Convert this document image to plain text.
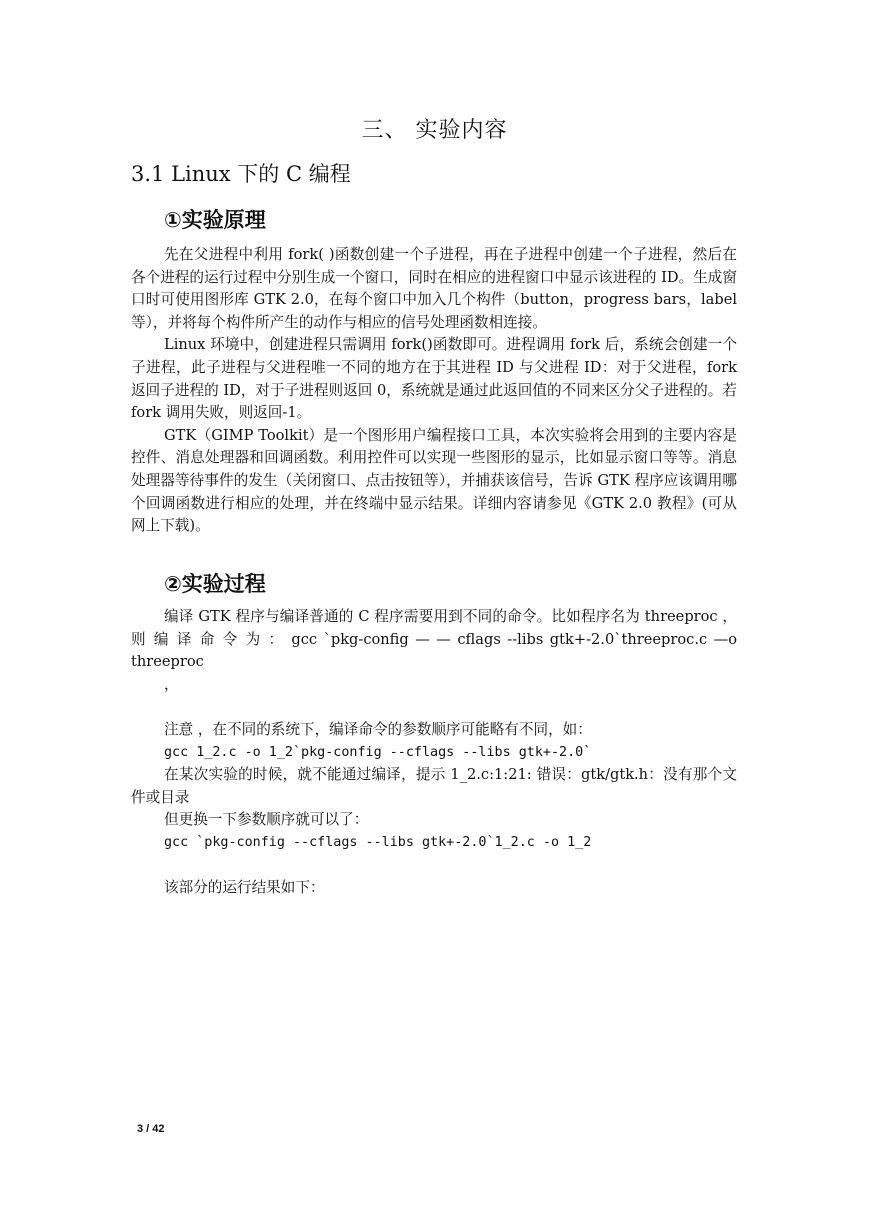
三、 实验内容
3.1 Linux 下的 C 编程
①实验原理

先在父进程中利用 fork( )函数创建一个子进程，再在子进程中创建一个子进程，然后在各个进程的运行过程中分别生成一个窗口，同时在相应的进程窗口中显示该进程的 ID。生成窗口时可使用图形库 GTK 2.0，在每个窗口中加入几个构件（button，progress bars，label 等），并将每个构件所产生的动作与相应的信号处理函数相连接。

Linux 环境中，创建进程只需调用 fork()函数即可。进程调用 fork 后，系统会创建一个子进程，此子进程与父进程唯一不同的地方在于其进程 ID 与父进程 ID：对于父进程，fork 返回子进程的 ID，对于子进程则返回 0，系统就是通过此返回值的不同来区分父子进程的。若 fork 调用失败，则返回-1。

GTK（GIMP Toolkit）是一个图形用户编程接口工具，本次实验将会用到的主要内容是控件、消息处理器和回调函数。利用控件可以实现一些图形的显示，比如显示窗口等等。消息处理器等待事件的发生（关闭窗口、点击按钮等），并捕获该信号，告诉 GTK 程序应该调用哪个回调函数进行相应的处理，并在终端中显示结果。详细内容请参见《GTK 2.0 教程》(可从网上下载)。

②实验过程

编译 GTK 程序与编译普通的 C 程序需要用到不同的命令。比如程序名为 threeproc ， 则 编 译 命 令 为 ： gcc `pkg-config — — cflags --libs gtk+-2.0`threeproc.c —o threeproc

，

注意 ，在不同的系统下，编译命令的参数顺序可能略有不同，如：

gcc 1_2.c -o 1_2`pkg-config --cflags --libs gtk+-2.0`

在某次实验的时候，就不能通过编译，提示 1_2.c:1:21: 错误：gtk/gtk.h：没有那个文件或目录

但更换一下参数顺序就可以了：

gcc `pkg-config --cflags --libs gtk+-2.0`1_2.c -o 1_2

该部分的运行结果如下：

3 / 42
